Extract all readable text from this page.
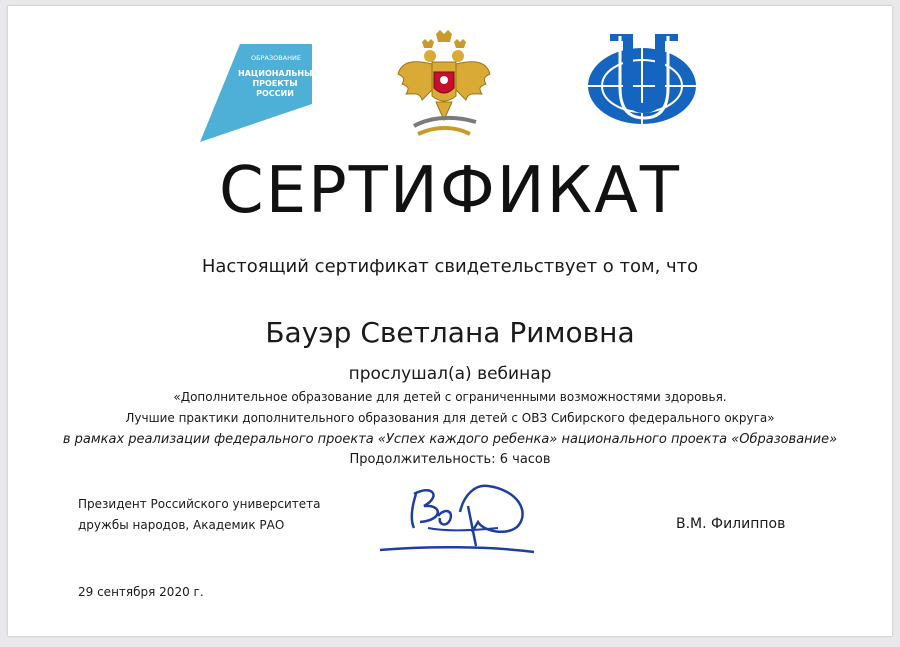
ОБРАЗОВАНИЕ
НАЦИОНАЛЬНЫЕ
ПРОЕКТЫ
РОССИИ
СЕРТИФИКАТ
Настоящий сертификат свидетельствует о том, что
Бауэр Светлана Римовна
прослушал(а) вебинар
«Дополнительное образование для детей с ограниченными возможностями здоровья.
Лучшие практики дополнительного образования для детей с ОВЗ Сибирского федерального округа»
в рамках реализации федерального проекта «Успех каждого ребенка» национального проекта «Образование»
Продолжительность: 6 часов
Президент Российского университета
дружбы народов, Академик РАО	В.М. Филиппов
29 сентября 2020 г.
